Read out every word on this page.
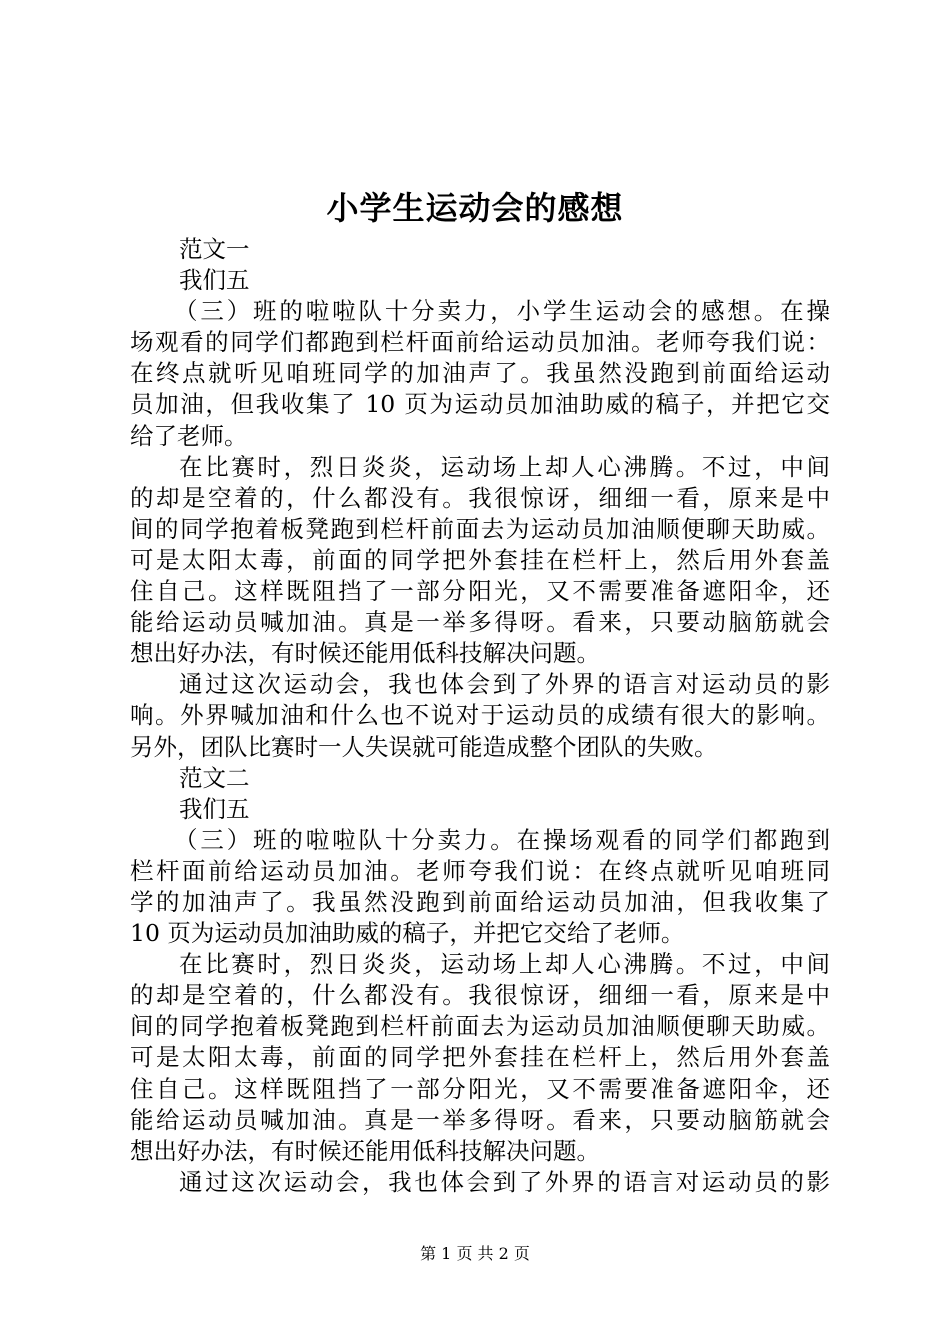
小学生运动会的感想
范文一
我们五
（三）班的啦啦队十分卖力，小学生运动会的感想。在操
场观看的同学们都跑到栏杆面前给运动员加油。老师夸我们说：
在终点就听见咱班同学的加油声了。我虽然没跑到前面给运动
员加油，但我收集了 10 页为运动员加油助威的稿子，并把它交
给了老师。
在比赛时，烈日炎炎，运动场上却人心沸腾。不过，中间
的却是空着的，什么都没有。我很惊讶，细细一看，原来是中
间的同学抱着板凳跑到栏杆前面去为运动员加油顺便聊天助威。
可是太阳太毒，前面的同学把外套挂在栏杆上，然后用外套盖
住自己。这样既阻挡了一部分阳光，又不需要准备遮阳伞，还
能给运动员喊加油。真是一举多得呀。看来，只要动脑筋就会
想出好办法，有时候还能用低科技解决问题。
通过这次运动会，我也体会到了外界的语言对运动员的影
响。外界喊加油和什么也不说对于运动员的成绩有很大的影响。
另外，团队比赛时一人失误就可能造成整个团队的失败。
范文二
我们五
（三）班的啦啦队十分卖力。在操场观看的同学们都跑到
栏杆面前给运动员加油。老师夸我们说：在终点就听见咱班同
学的加油声了。我虽然没跑到前面给运动员加油，但我收集了
10 页为运动员加油助威的稿子，并把它交给了老师。
在比赛时，烈日炎炎，运动场上却人心沸腾。不过，中间
的却是空着的，什么都没有。我很惊讶，细细一看，原来是中
间的同学抱着板凳跑到栏杆前面去为运动员加油顺便聊天助威。
可是太阳太毒，前面的同学把外套挂在栏杆上，然后用外套盖
住自己。这样既阻挡了一部分阳光，又不需要准备遮阳伞，还
能给运动员喊加油。真是一举多得呀。看来，只要动脑筋就会
想出好办法，有时候还能用低科技解决问题。
通过这次运动会，我也体会到了外界的语言对运动员的影
第 1 页 共 2 页
